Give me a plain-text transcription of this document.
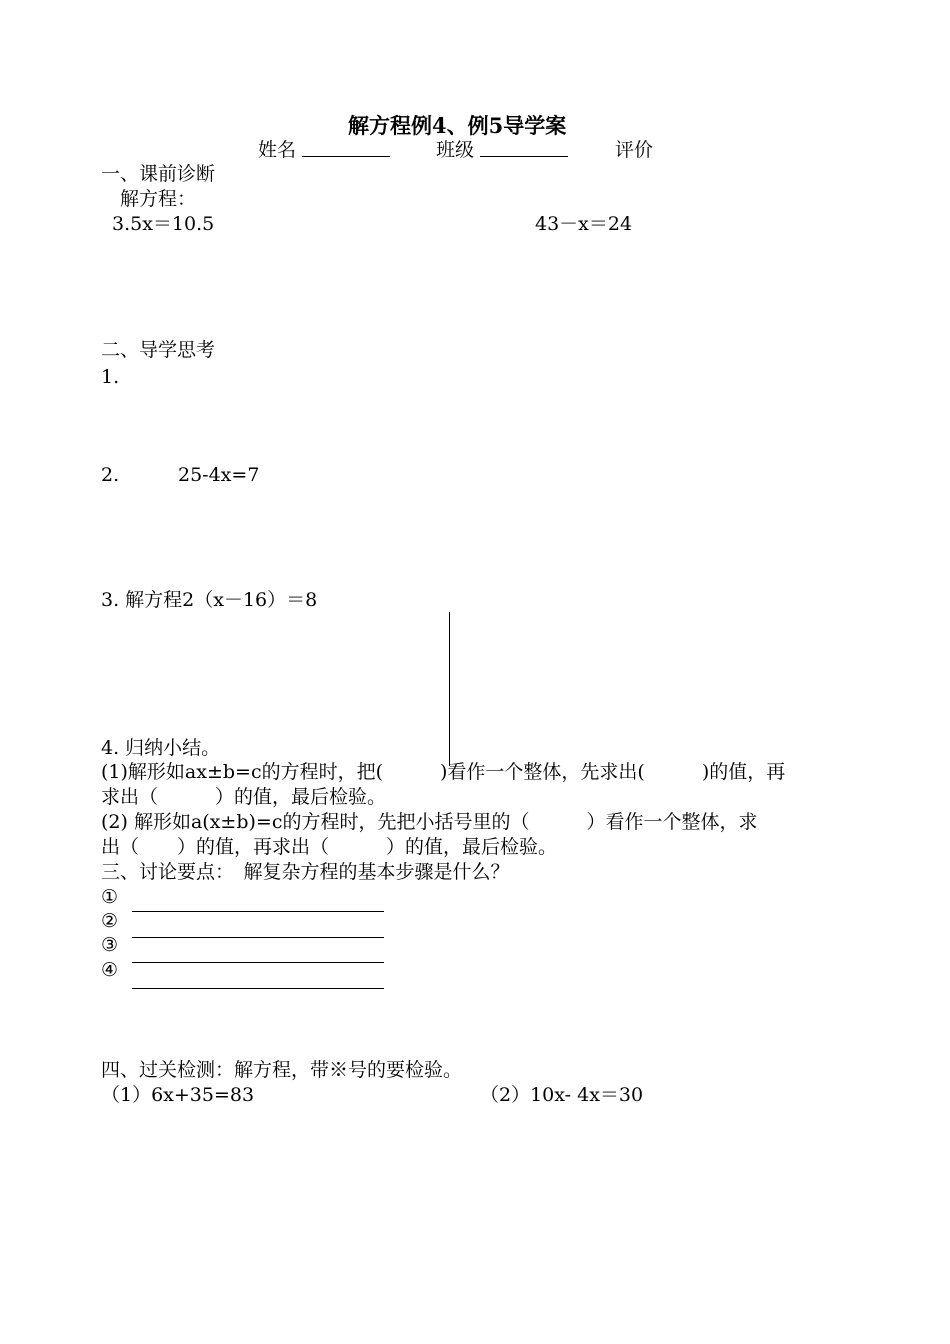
解方程例4、例5导学案
姓名	班级	评价
一、课前诊断
解方程：
3.5x＝10.5	43－x＝24
二、导学思考
1.
2.	25-4x=7
3. 解方程2（x－16）＝8
4. 归纳小结。
(1)解形如ax±b=c的方程时，把(　　　)看作一个整体，先求出(　　　)的值，再
求出（　　　）的值，最后检验。
(2) 解形如a(x±b)=c的方程时，先把小括号里的（　　　）看作一个整体，求
出（　　）的值，再求出（　　　）的值，最后检验。
三、讨论要点：　解复杂方程的基本步骤是什么？
①
②
③
④
四、过关检测：解方程，带※号的要检验。
（1）6x+35=83	（2）10x- 4x＝30
